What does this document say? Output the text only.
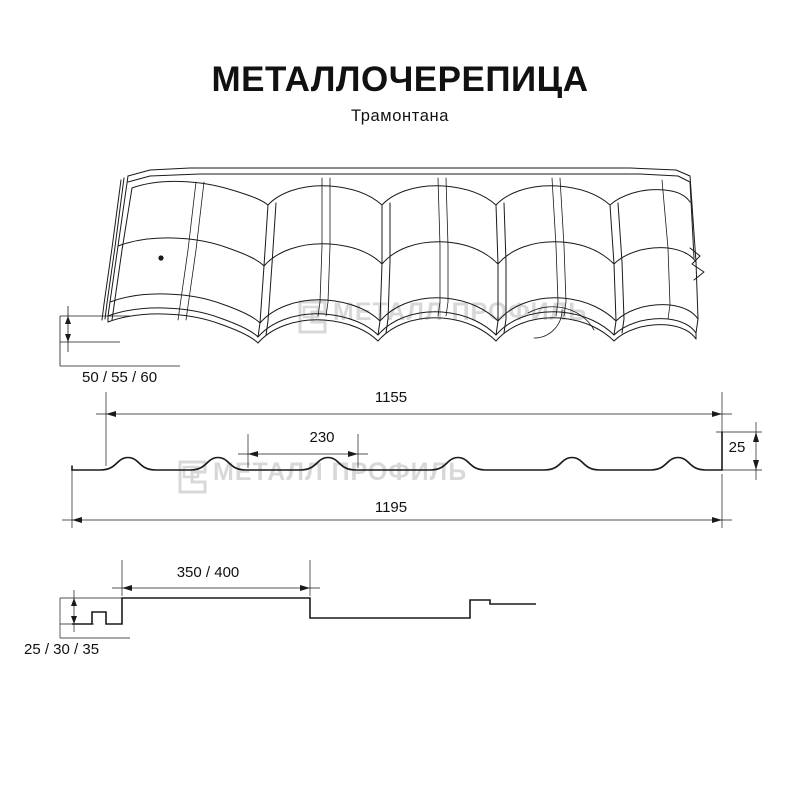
МЕТАЛЛОЧЕРЕПИЦА
Трамонтана
МЕТАЛЛ ПРОФИЛЬ
МЕТАЛЛ ПРОФИЛЬ
50 / 55 / 60
1155
230
25
1195
350 / 400
25 / 30 / 35
